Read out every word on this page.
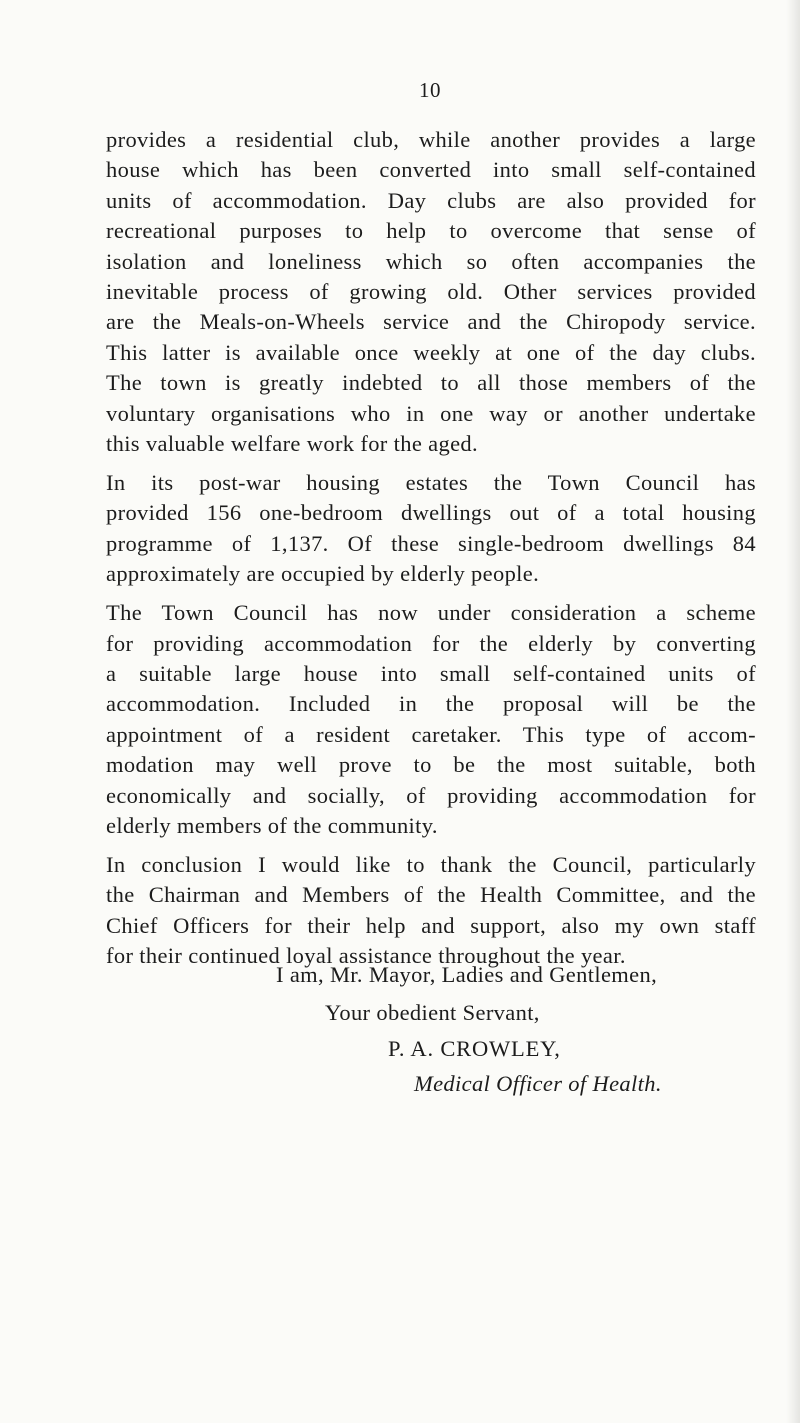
10

provides a residential club, while another provides a large
house which has been converted into small self-contained
units of accommodation. Day clubs are also provided for
recreational purposes to help to overcome that sense of
isolation and loneliness which so often accompanies the
inevitable process of growing old. Other services provided
are the Meals-on-Wheels service and the Chiropody service.
This latter is available once weekly at one of the day clubs.
The town is greatly indebted to all those members of the
voluntary organisations who in one way or another undertake
this valuable welfare work for the aged.

In its post-war housing estates the Town Council has
provided 156 one-bedroom dwellings out of a total housing
programme of 1,137. Of these single-bedroom dwellings 84
approximately are occupied by elderly people.

The Town Council has now under consideration a scheme
for providing accommodation for the elderly by converting
a suitable large house into small self-contained units of
accommodation. Included in the proposal will be the
appointment of a resident caretaker. This type of accom-
modation may well prove to be the most suitable, both
economically and socially, of providing accommodation for
elderly members of the community.

In conclusion I would like to thank the Council, particularly
the Chairman and Members of the Health Committee, and the
Chief Officers for their help and support, also my own staff
for their continued loyal assistance throughout the year.

I am, Mr. Mayor, Ladies and Gentlemen,
Your obedient Servant,
P. A. CROWLEY,
Medical Officer of Health.
